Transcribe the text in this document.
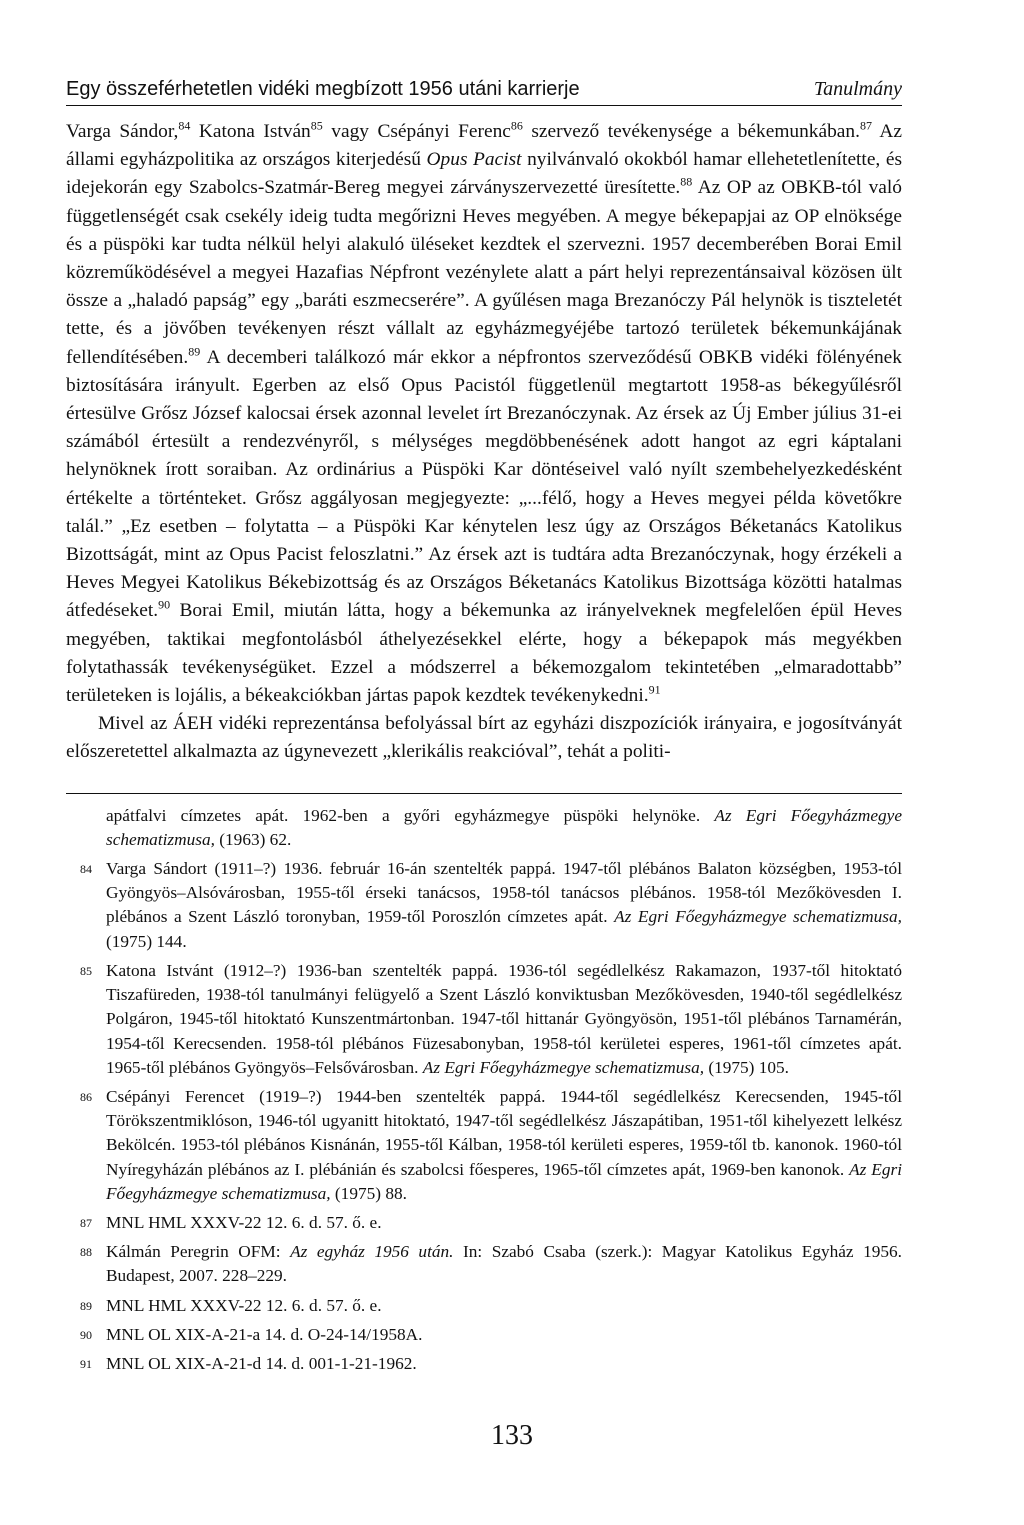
Egy összeférhetetlen vidéki megbízott 1956 utáni karrierje	Tanulmány

Varga Sándor,$^{84}$ Katona István$^{85}$ vagy Csépányi Ferenc$^{86}$ szervező tevékenysége a békemunkában.$^{87}$ Az állami egyházpolitika az országos kiterjedésű Opus Pacist nyilvánvaló okokból hamar ellehetetlenítette, és idejekorán egy Szabolcs-Szatmár-Bereg megyei zárványszervezetté üresítette.$^{88}$ Az OP az OBKB-tól való függetlenségét csak csekély ideig tudta megőrizni Heves megyében. A megye békepapjai az OP elnöksége és a püspöki kar tudta nélkül helyi alakuló üléseket kezdtek el szervezni. 1957 decemberében Borai Emil közreműködésével a megyei Hazafias Népfront vezénylete alatt a párt helyi reprezentánsaival közösen ült össze a „haladó papság” egy „baráti eszmecserére”. A gyűlésen maga Brezanóczy Pál helynök is tiszteletét tette, és a jövőben tevékenyen részt vállalt az egyházmegyéjébe tartozó területek békemunkájának fellendítésében.$^{89}$ A decemberi találkozó már ekkor a népfrontos szerveződésű OBKB vidéki fölényének biztosítására irányult. Egerben az első Opus Pacistól függetlenül megtartott 1958-as békegyűlésről értesülve Grősz József kalocsai érsek azonnal levelet írt Brezanóczynak. Az érsek az Új Ember július 31-ei számából értesült a rendezvényről, s mélységes megdöbbenésének adott hangot az egri káptalani helynöknek írott soraiban. Az ordinárius a Püspöki Kar döntéseivel való nyílt szembehelyezkedésként értékelte a történteket. Grősz aggályosan megjegyezte: „...félő, hogy a Heves megyei példa követőkre talál.” „Ez esetben – folytatta – a Püspöki Kar kénytelen lesz úgy az Országos Béketanács Katolikus Bizottságát, mint az Opus Pacist feloszlatni.” Az érsek azt is tudtára adta Brezanóczynak, hogy érzékeli a Heves Megyei Katolikus Békebizottság és az Országos Béketanács Katolikus Bizottsága közötti hatalmas átfedéseket.$^{90}$ Borai Emil, miután látta, hogy a békemunka az irányelveknek megfelelően épül Heves megyében, taktikai megfontolásból áthelyezésekkel elérte, hogy a békepapok más megyékben folytathassák tevékenységüket. Ezzel a módszerrel a békemozgalom tekintetében „elmaradottabb” területeken is lojális, a békeakciókban jártas papok kezdtek tevékenykedni.$^{91}$

Mivel az ÁEH vidéki reprezentánsa befolyással bírt az egyházi diszpozíciók irányaira, e jogosítványát előszeretettel alkalmazta az úgynevezett „klerikális reakcióval”, tehát a politi-

apátfalvi címzetes apát. 1962-ben a győri egyházmegye püspöki helynöke. Az Egri Főegyházmegye schematizmusa, (1963) 62.
84 Varga Sándort (1911–?) 1936. február 16-án szentelték pappá. 1947-től plébános Balaton községben, 1953-tól Gyöngyös–Alsóvárosban, 1955-től érseki tanácsos, 1958-tól tanácsos plébános. 1958-tól Mezőkövesden I. plébános a Szent László toronyban, 1959-től Poroszlón címzetes apát. Az Egri Főegyházmegye schematizmusa, (1975) 144.
85 Katona Istvánt (1912–?) 1936-ban szentelték pappá. 1936-tól segédlelkész Rakamazon, 1937-től hitoktató Tiszafüreden, 1938-tól tanulmányi felügyelő a Szent László konviktusban Mezőkövesden, 1940-től segédlelkész Polgáron, 1945-től hitoktató Kunszentmártonban. 1947-től hittanár Gyöngyösön, 1951-től plébános Tarnamérán, 1954-től Kerecsenden. 1958-tól plébános Füzesabonyban, 1958-tól kerületei esperes, 1961-től címzetes apát. 1965-től plébános Gyöngyös–Felsővárosban. Az Egri Főegyházmegye schematizmusa, (1975) 105.
86 Csépányi Ferencet (1919–?) 1944-ben szentelték pappá. 1944-től segédlelkész Kerecsenden, 1945-től Törökszentmiklóson, 1946-tól ugyanitt hitoktató, 1947-től segédlelkész Jászapátiban, 1951-től kihelyezett lelkész Bekölcén. 1953-tól plébános Kisnánán, 1955-től Kálban, 1958-tól kerületi esperes, 1959-től tb. kanonok. 1960-tól Nyíregyházán plébános az I. plébánián és szabolcsi főesperes, 1965-től címzetes apát, 1969-ben kanonok. Az Egri Főegyházmegye schematizmusa, (1975) 88.
87 MNL HML XXXV-22 12. 6. d. 57. ő. e.
88 Kálmán Peregrin OFM: Az egyház 1956 után. In: Szabó Csaba (szerk.): Magyar Katolikus Egyház 1956. Budapest, 2007. 228–229.
89 MNL HML XXXV-22 12. 6. d. 57. ő. e.
90 MNL OL XIX-A-21-a 14. d. O-24-14/1958A.
91 MNL OL XIX-A-21-d 14. d. 001-1-21-1962.
133
